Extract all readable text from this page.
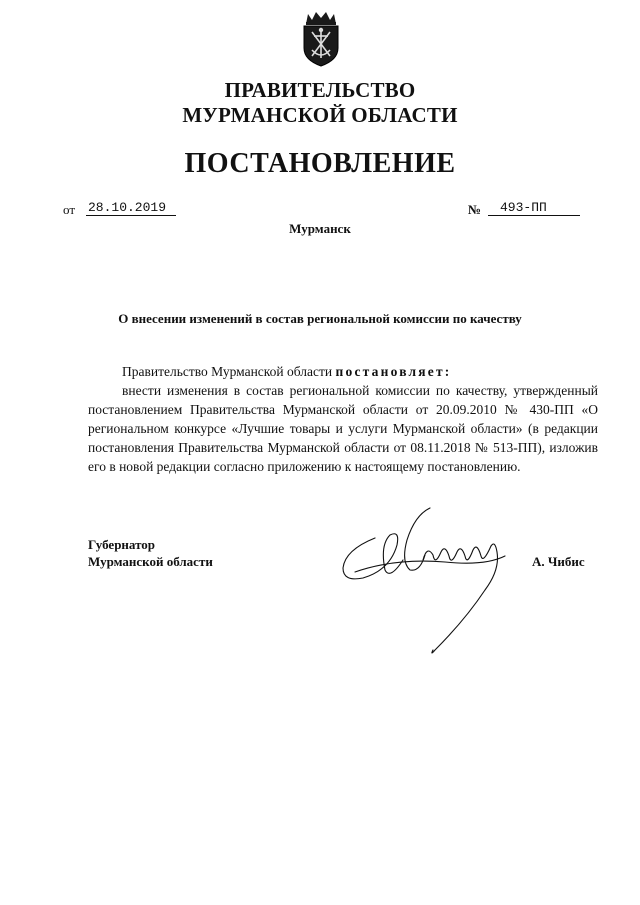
ПРАВИТЕЛЬСТВО
МУРМАНСКОЙ ОБЛАСТИ
ПОСТАНОВЛЕНИЕ
от 28.10.2019	№	493-ПП
Мурманск
О внесении изменений в состав региональной комиссии по качеству
Правительство Мурманской области постановляет:
внести изменения в состав региональной комиссии по качеству, утвержденный постановлением Правительства Мурманской области от 20.09.2010 № 430-ПП «О региональном конкурсе «Лучшие товары и услуги Мурманской области» (в редакции постановления Правительства Мурманской области от 08.11.2018 № 513-ПП), изложив его в новой редакции согласно приложению к настоящему постановлению.
Губернатор
Мурманской области	А. Чибис
